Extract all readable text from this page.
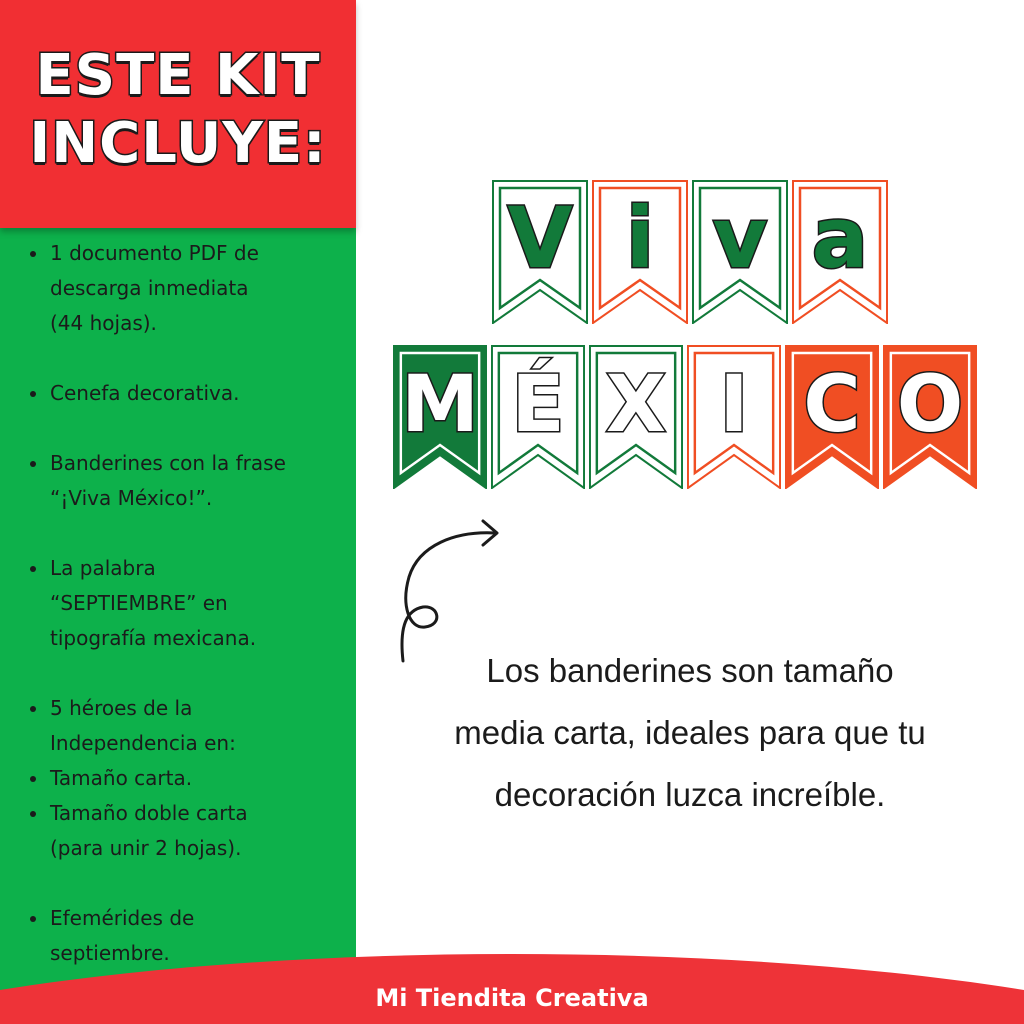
ESTE KIT
INCLUYE:
1 documento PDF de
descarga inmediata
(44 hojas).
Cenefa decorativa.
Banderines con la frase
“¡Viva México!”.
La palabra
“SEPTIEMBRE” en
tipografía mexicana.
5 héroes de la
Independencia en:
Tamaño carta.
Tamaño doble carta
(para unir 2 hojas).
Efemérides de
septiembre.
V i v a
M É X I C O

Los banderines son tamaño
media carta, ideales para que tu
decoración luzca increíble.

Mi Tiendita Creativa
